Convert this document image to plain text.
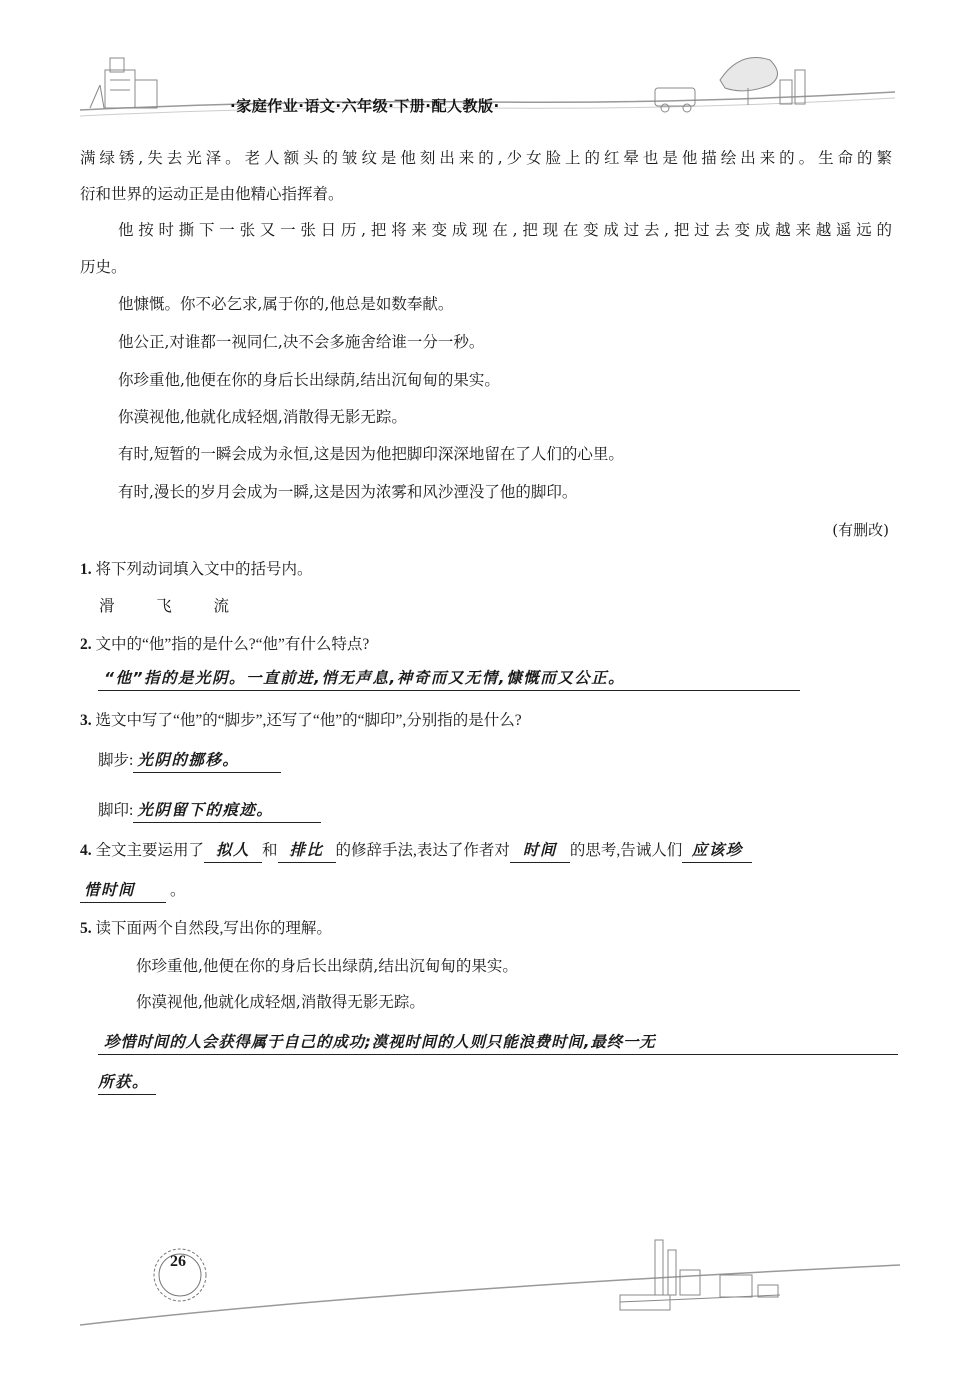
·家庭作业·语文·六年级·下册·配人教版·
满绿锈,失去光泽。老人额头的皱纹是他刻出来的,少女脸上的红晕也是他描绘出来的。生命的繁
衍和世界的运动正是由他精心指挥着。
他按时撕下一张又一张日历,把将来变成现在,把现在变成过去,把过去变成越来越遥远的
历史。
他慷慨。你不必乞求,属于你的,他总是如数奉献。
他公正,对谁都一视同仁,决不会多施舍给谁一分一秒。
你珍重他,他便在你的身后长出绿荫,结出沉甸甸的果实。
你漠视他,他就化成轻烟,消散得无影无踪。
有时,短暂的一瞬会成为永恒,这是因为他把脚印深深地留在了人们的心里。
有时,漫长的岁月会成为一瞬,这是因为浓雾和风沙湮没了他的脚印。
(有删改)
1. 将下列动词填入文中的括号内。
滑	飞	流
2. 文中的“他”指的是什么?“他”有什么特点?
“他”指的是光阴。一直前进,悄无声息,神奇而又无情,慷慨而又公正。
3. 选文中写了“他”的“脚步”,还写了“他”的“脚印”,分别指的是什么?
脚步: 光阴的挪移。
脚印: 光阴留下的痕迹。
4. 全文主要运用了 拟人 和 排比 的修辞手法,表达了作者对 时间 的思考,告诫人们 应该珍
惜时间 。
5. 读下面两个自然段,写出你的理解。
你珍重他,他便在你的身后长出绿荫,结出沉甸甸的果实。
你漠视他,他就化成轻烟,消散得无影无踪。
珍惜时间的人会获得属于自己的成功;漠视时间的人则只能浪费时间,最终一无
所获。
26
